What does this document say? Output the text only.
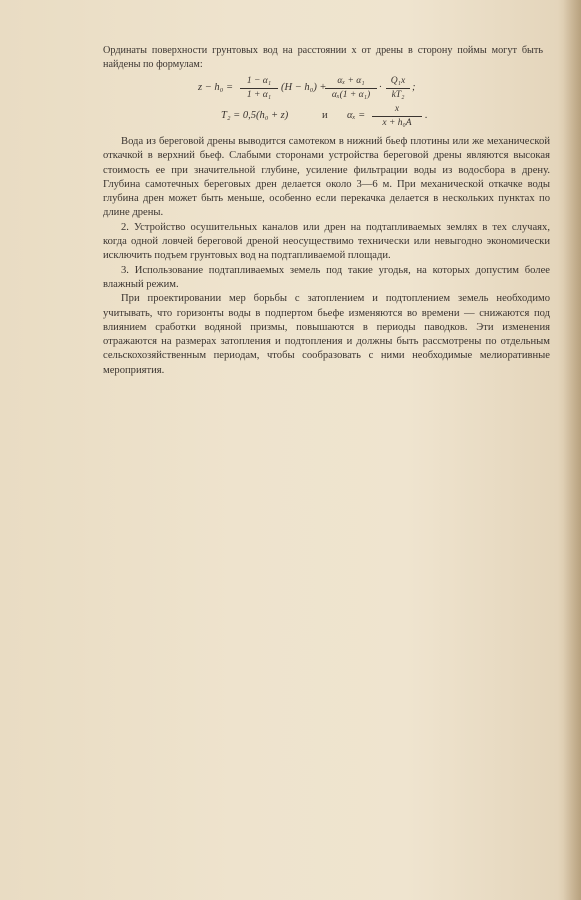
Ординаты поверхности грунтовых вод на расстоянии x от дрены в сторону поймы могут быть найдены по формулам:

z − h₀ =
1 − α₁
1 + α₁
(H − h₀) +
αₓ + α₁
αₓ(1 + α₁)
·
Q₁x
kT₂
;
T₂ = 0,5(h₀ + z)	и αₓ =
x
x + h₀A
.

Вода из береговой дрены выводится самотеком в нижний бьеф плотины или же механической откачкой в верхний бьеф. Слабыми сторонами устройства береговой дрены являются высокая стоимость ее при значительной глубине, усиление фильтрации воды из водосбора в дрену. Глубина самотечных береговых дрен делается около 3—6 м. При механической откачке воды глубина дрен может быть меньше, особенно если перекачка делается в нескольких пунктах по длине дрены.

2. Устройство осушительных каналов или дрен на подтапливаемых землях в тех случаях, когда одной ловчей береговой дреной неосуществимо технически или невыгодно экономически исключить подъем грунтовых вод на подтапливаемой площади.

3. Использование подтапливаемых земель под такие угодья, на которых допустим более влажный режим.

При проектировании мер борьбы с затоплением и подтоплением земель необходимо учитывать, что горизонты воды в подпертом бьефе изменяются во времени — снижаются под влиянием сработки водяной призмы, повышаются в периоды паводков. Эти изменения отражаются на размерах затопления и подтопления и должны быть рассмотрены по отдельным сельскохозяйственным периодам, чтобы сообразовать с ними необходимые мелиоративные мероприятия.
